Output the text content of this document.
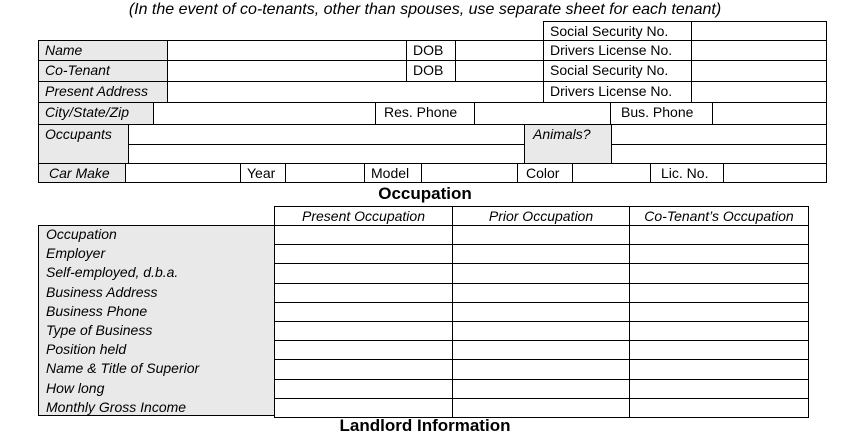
(In the event of co-tenants, other than spouses, use separate sheet for each tenant)
Social Security No.
Name	DOB	Drivers License No.
Co-Tenant	DOB	Social Security No.
Present Address	Drivers License No.
City/State/Zip	Res. Phone	Bus. Phone
Occupants	Animals?
Car Make	Year	Model	Color	Lic. No.
Occupation
Present Occupation	Prior Occupation	Co-Tenant’s Occupation
Occupation
Employer
Self-employed, d.b.a.
Business Address
Business Phone
Type of Business
Position held
Name & Title of Superior
How long
Monthly Gross Income
Landlord Information
